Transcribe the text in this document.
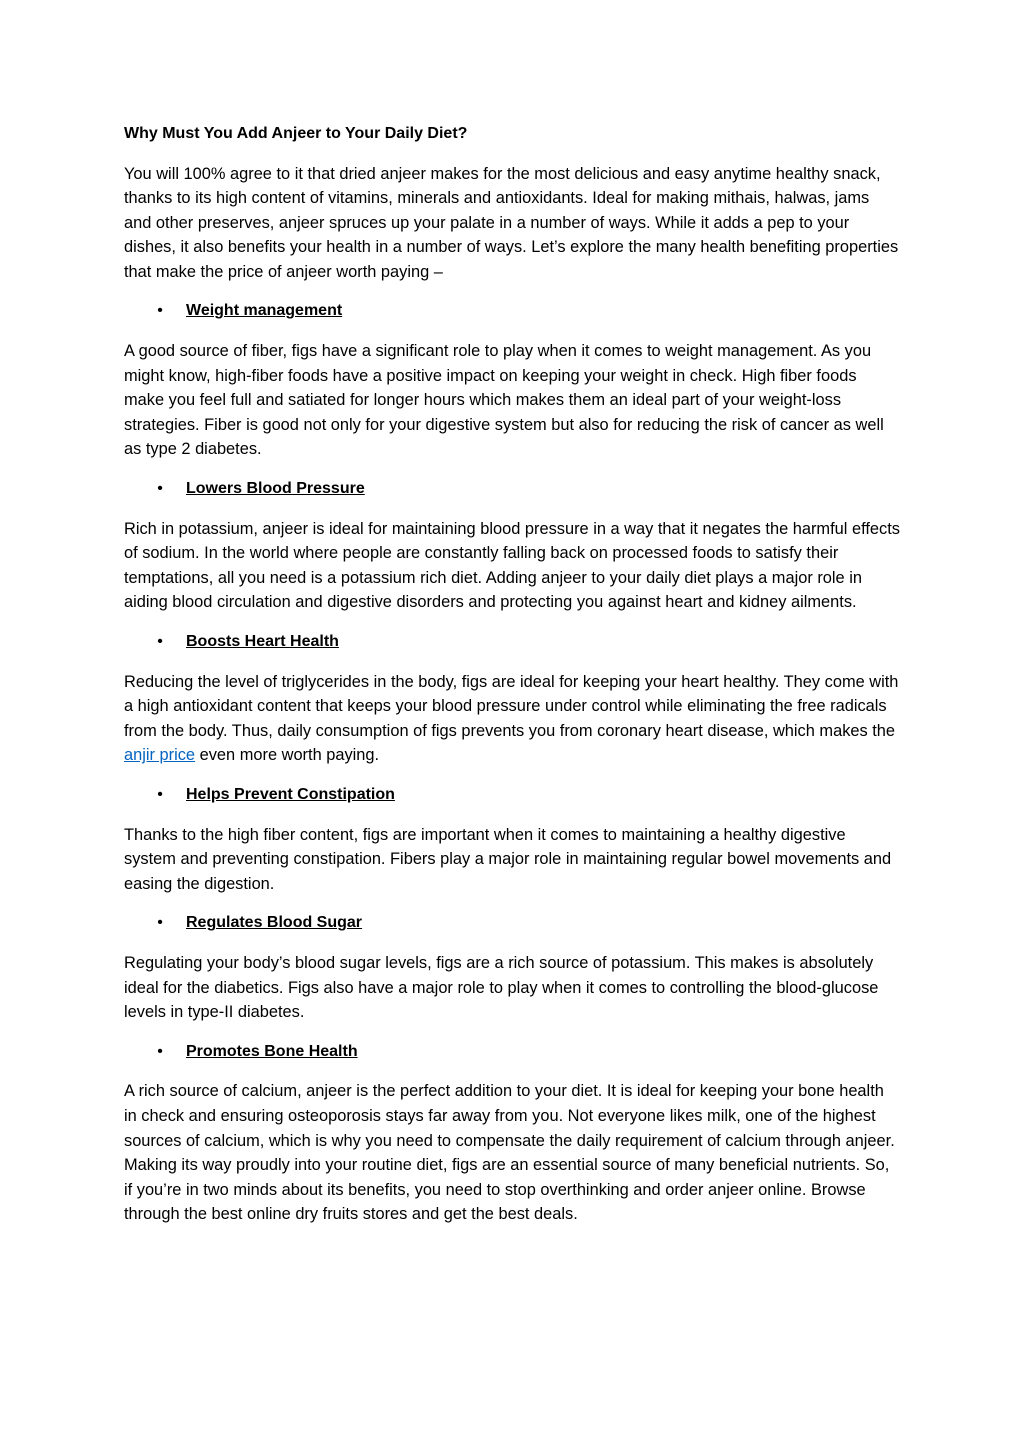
Why Must You Add Anjeer to Your Daily Diet?
You will 100% agree to it that dried anjeer makes for the most delicious and easy anytime healthy snack, thanks to its high content of vitamins, minerals and antioxidants. Ideal for making mithais, halwas, jams and other preserves, anjeer spruces up your palate in a number of ways. While it adds a pep to your dishes, it also benefits your health in a number of ways. Let’s explore the many health benefiting properties that make the price of anjeer worth paying –
• Weight management
A good source of fiber, figs have a significant role to play when it comes to weight management. As you might know, high-fiber foods have a positive impact on keeping your weight in check. High fiber foods make you feel full and satiated for longer hours which makes them an ideal part of your weight-loss strategies. Fiber is good not only for your digestive system but also for reducing the risk of cancer as well as type 2 diabetes.
• Lowers Blood Pressure
Rich in potassium, anjeer is ideal for maintaining blood pressure in a way that it negates the harmful effects of sodium. In the world where people are constantly falling back on processed foods to satisfy their temptations, all you need is a potassium rich diet. Adding anjeer to your daily diet plays a major role in aiding blood circulation and digestive disorders and protecting you against heart and kidney ailments.
• Boosts Heart Health
Reducing the level of triglycerides in the body, figs are ideal for keeping your heart healthy. They come with a high antioxidant content that keeps your blood pressure under control while eliminating the free radicals from the body. Thus, daily consumption of figs prevents you from coronary heart disease, which makes the anjir price even more worth paying.
• Helps Prevent Constipation
Thanks to the high fiber content, figs are important when it comes to maintaining a healthy digestive system and preventing constipation. Fibers play a major role in maintaining regular bowel movements and easing the digestion.
• Regulates Blood Sugar
Regulating your body’s blood sugar levels, figs are a rich source of potassium. This makes is absolutely ideal for the diabetics. Figs also have a major role to play when it comes to controlling the blood-glucose levels in type-II diabetes.
• Promotes Bone Health
A rich source of calcium, anjeer is the perfect addition to your diet. It is ideal for keeping your bone health in check and ensuring osteoporosis stays far away from you. Not everyone likes milk, one of the highest sources of calcium, which is why you need to compensate the daily requirement of calcium through anjeer. Making its way proudly into your routine diet, figs are an essential source of many beneficial nutrients. So, if you’re in two minds about its benefits, you need to stop overthinking and order anjeer online. Browse through the best online dry fruits stores and get the best deals.
